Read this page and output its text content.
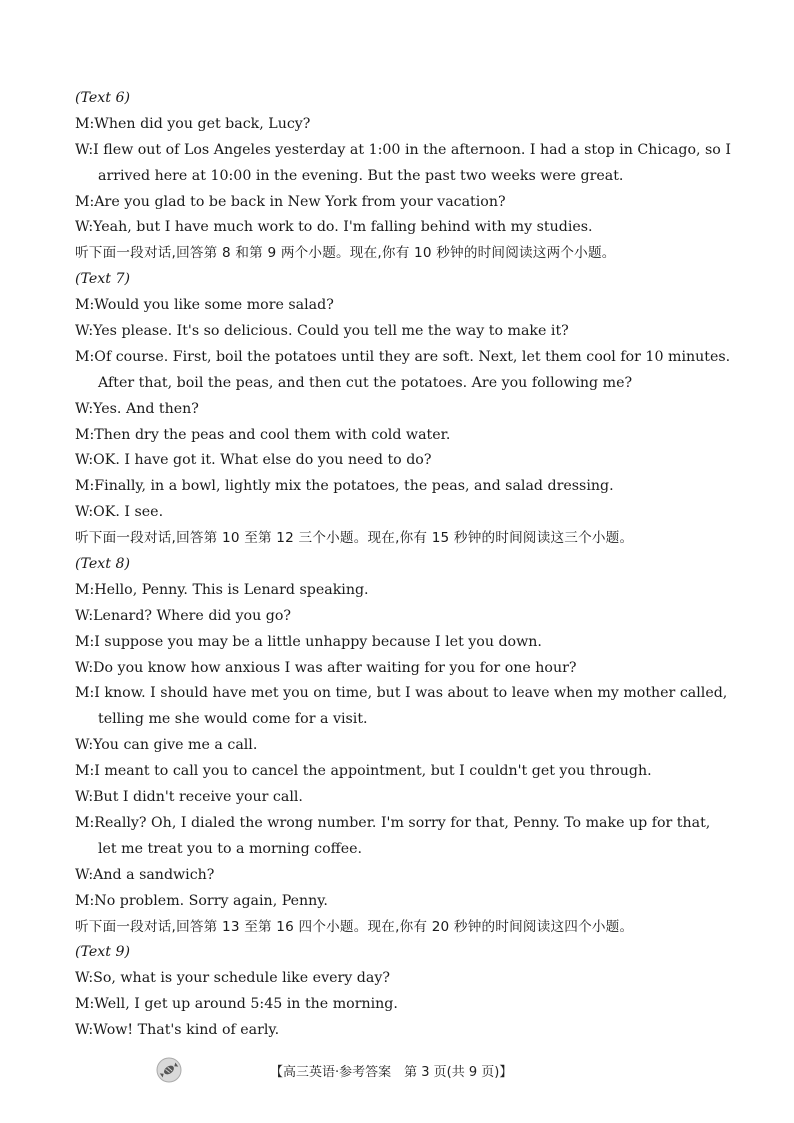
(Text 6)
M:When did you get back, Lucy?
W:I flew out of Los Angeles yesterday at 1:00 in the afternoon. I had a stop in Chicago, so I
arrived here at 10:00 in the evening. But the past two weeks were great.
M:Are you glad to be back in New York from your vacation?
W:Yeah, but I have much work to do. I'm falling behind with my studies.
听下面一段对话,回答第 8 和第 9 两个小题。现在,你有 10 秒钟的时间阅读这两个小题。
(Text 7)
M:Would you like some more salad?
W:Yes please. It's so delicious. Could you tell me the way to make it?
M:Of course. First, boil the potatoes until they are soft. Next, let them cool for 10 minutes.
After that, boil the peas, and then cut the potatoes. Are you following me?
W:Yes. And then?
M:Then dry the peas and cool them with cold water.
W:OK. I have got it. What else do you need to do?
M:Finally, in a bowl, lightly mix the potatoes, the peas, and salad dressing.
W:OK. I see.
听下面一段对话,回答第 10 至第 12 三个小题。现在,你有 15 秒钟的时间阅读这三个小题。
(Text 8)
M:Hello, Penny. This is Lenard speaking.
W:Lenard? Where did you go?
M:I suppose you may be a little unhappy because I let you down.
W:Do you know how anxious I was after waiting for you for one hour?
M:I know. I should have met you on time, but I was about to leave when my mother called,
telling me she would come for a visit.
W:You can give me a call.
M:I meant to call you to cancel the appointment, but I couldn't get you through.
W:But I didn't receive your call.
M:Really? Oh, I dialed the wrong number. I'm sorry for that, Penny. To make up for that,
let me treat you to a morning coffee.
W:And a sandwich?
M:No problem. Sorry again, Penny.
听下面一段对话,回答第 13 至第 16 四个小题。现在,你有 20 秒钟的时间阅读这四个小题。
(Text 9)
W:So, what is your schedule like every day?
M:Well, I get up around 5:45 in the morning.
W:Wow! That's kind of early.
【高三英语·参考答案　第 3 页(共 9 页)】
